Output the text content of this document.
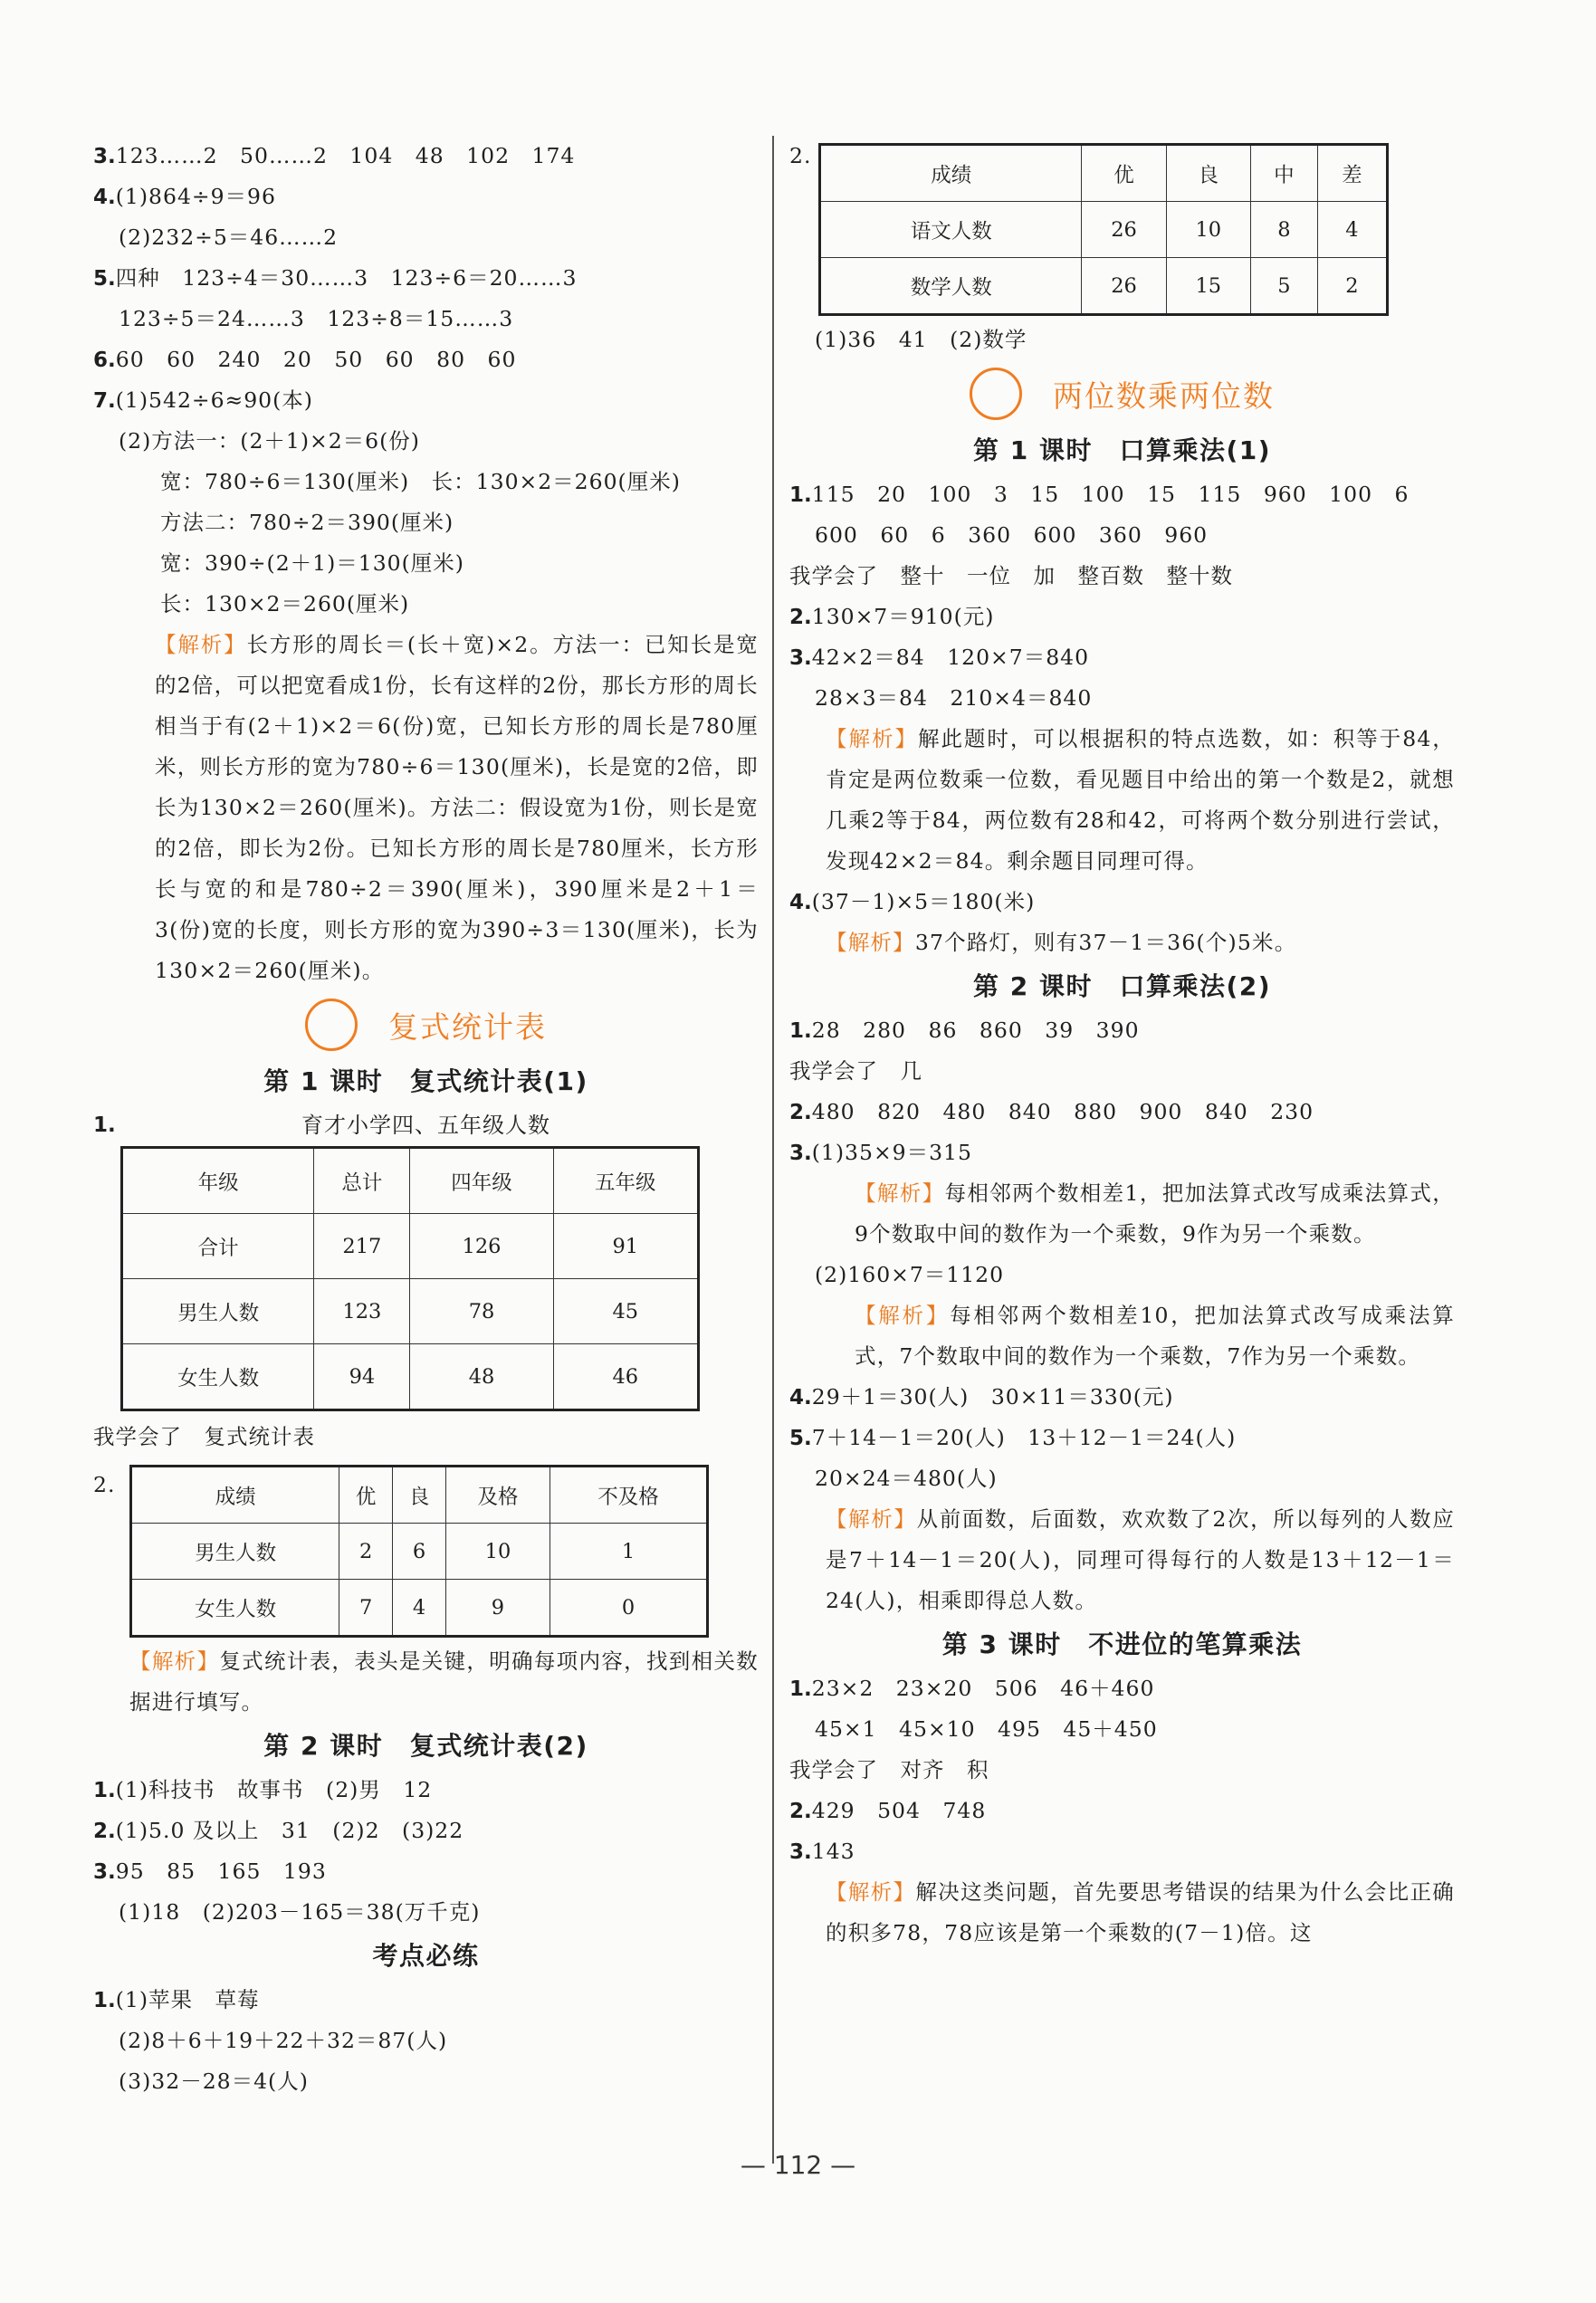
3.123……2　50……2　104　48　102　174
4.(1)864÷9＝96
(2)232÷5＝46……2
5.四种　123÷4＝30……3　123÷6＝20……3
123÷5＝24……3　123÷8＝15……3
6.60　60　240　20　50　60　80　60
7.(1)542÷6≈90(本)
(2)方法一：(2＋1)×2＝6(份)
宽：780÷6＝130(厘米)　长：130×2＝260(厘米)
方法二：780÷2＝390(厘米)
宽：390÷(2＋1)＝130(厘米)
长：130×2＝260(厘米)
【解析】长方形的周长＝(长＋宽)×2。方法一：已知长是宽的2倍，可以把宽看成1份，长有这样的2份，那长方形的周长相当于有(2＋1)×2＝6(份)宽，已知长方形的周长是780厘米，则长方形的宽为780÷6＝130(厘米)，长是宽的2倍，即长为130×2＝260(厘米)。方法二：假设宽为1份，则长是宽的2倍，即长为2份。已知长方形的周长是780厘米，长方形长与宽的和是780÷2＝390(厘米)，390厘米是2＋1＝3(份)宽的长度，则长方形的宽为390÷3＝130(厘米)，长为130×2＝260(厘米)。
复式统计表
第 1 课时　复式统计表(1)
1.	育才小学四、五年级人数
年级	总计	四年级	五年级
合计	217	126	91
男生人数	123	78	45
女生人数	94	48	46
我学会了　复式统计表
2.	成绩	优	良	及格	不及格
男生人数	2	6	10	1
女生人数	7	4	9	0
【解析】复式统计表，表头是关键，明确每项内容，找到相关数据进行填写。
第 2 课时　复式统计表(2)
1.(1)科技书　故事书　(2)男　12
2.(1)5.0 及以上　31　(2)2　(3)22
3.95　85　165　193
(1)18　(2)203－165＝38(万千克)
考点必练
1.(1)苹果　草莓
(2)8＋6＋19＋22＋32＝87(人)
(3)32－28＝4(人)
2.
成绩	优	良	中	差
语文人数	26	10	8	4
数学人数	26	15	5	2
(1)36　41　(2)数学
两位数乘两位数
第 1 课时　口算乘法(1)
1.115　20　100　3　15　100　15　115　960　100　6
600　60　6　360　600　360　960
我学会了　整十　一位　加　整百数　整十数
2.130×7＝910(元)
3.42×2＝84　120×7＝840
28×3＝84　210×4＝840
【解析】解此题时，可以根据积的特点选数，如：积等于84，肯定是两位数乘一位数，看见题目中给出的第一个数是2，就想几乘2等于84，两位数有28和42，可将两个数分别进行尝试，发现42×2＝84。剩余题目同理可得。
4.(37－1)×5＝180(米)
【解析】37个路灯，则有37－1＝36(个)5米。
第 2 课时　口算乘法(2)
1.28　280　86　860　39　390
我学会了　几
2.480　820　480　840　880　900　840　230
3.(1)35×9＝315
【解析】每相邻两个数相差1，把加法算式改写成乘法算式，9个数取中间的数作为一个乘数，9作为另一个乘数。
(2)160×7＝1120
【解析】每相邻两个数相差10，把加法算式改写成乘法算式，7个数取中间的数作为一个乘数，7作为另一个乘数。
4.29＋1＝30(人)　30×11＝330(元)
5.7＋14－1＝20(人)　13＋12－1＝24(人)
20×24＝480(人)
【解析】从前面数，后面数，欢欢数了2次，所以每列的人数应是7＋14－1＝20(人)，同理可得每行的人数是13＋12－1＝24(人)，相乘即得总人数。
第 3 课时　不进位的笔算乘法
1.23×2　23×20　506　46＋460
45×1　45×10　495　45＋450
我学会了　对齐　积
2.429　504　748
3.143
【解析】解决这类问题，首先要思考错误的结果为什么会比正确的积多78，78应该是第一个乘数的(7－1)倍。这
— 112 —
